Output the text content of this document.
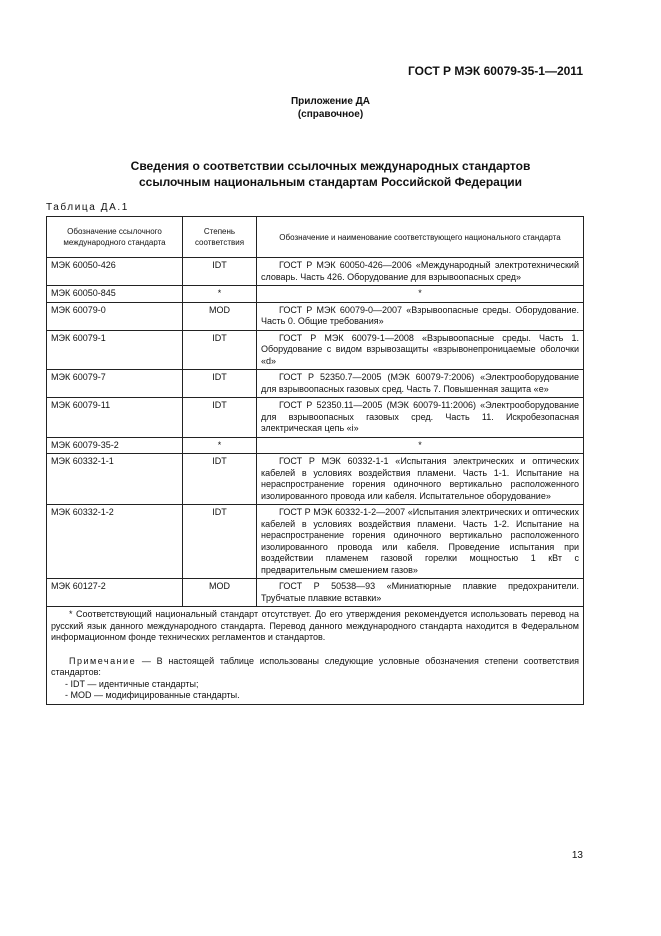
ГОСТ Р МЭК 60079-35-1—2011
Приложение ДА
(справочное)
Сведения о соответствии ссылочных международных стандартов
ссылочным национальным стандартам Российской Федерации
Таблица ДА.1
Обозначение ссылочного международного стандарта	Степень соответствия	Обозначение и наименование соответствующего национального стандарта
МЭК 60050-426	IDT	ГОСТ Р МЭК 60050-426—2006 «Международный электротехнический словарь. Часть 426. Оборудование для взрывоопасных сред»
МЭК 60050-845	*	*
МЭК 60079-0	MOD	ГОСТ Р МЭК 60079-0—2007 «Взрывоопасные среды. Оборудование. Часть 0. Общие требования»
МЭК 60079-1	IDT	ГОСТ Р МЭК 60079-1—2008 «Взрывоопасные среды. Часть 1. Оборудование с видом взрывозащиты «взрывонепроницаемые оболочки «d»
МЭК 60079-7	IDT	ГОСТ Р 52350.7—2005 (МЭК 60079-7:2006) «Электрооборудование для взрывоопасных газовых сред. Часть 7. Повышенная защита «е»
МЭК 60079-11	IDT	ГОСТ Р 52350.11—2005 (МЭК 60079-11:2006) «Электрооборудование для взрывоопасных газовых сред. Часть 11. Искробезопасная электрическая цепь «i»
МЭК 60079-35-2	*	*
МЭК 60332-1-1	IDT	ГОСТ Р МЭК 60332-1-1 «Испытания электрических и оптических кабелей в условиях воздействия пламени. Часть 1-1. Испытание на нераспространение горения одиночного вертикально расположенного изолированного провода или кабеля. Испытательное оборудование»
МЭК 60332-1-2	IDT	ГОСТ Р МЭК 60332-1-2—2007 «Испытания электрических и оптических кабелей в условиях воздействия пламени. Часть 1-2. Испытание на нераспространение горения одиночного вертикально расположенного изолированного провода или кабеля. Проведение испытания при воздействии пламенем газовой горелки мощностью 1 кВт с предварительным смешением газов»
МЭК 60127-2	MOD	ГОСТ Р 50538—93 «Миниатюрные плавкие предохранители. Трубчатые плавкие вставки»

* Соответствующий национальный стандарт отсутствует. До его утверждения рекомендуется использовать перевод на русский язык данного международного стандарта. Перевод данного международного стандарта находится в Федеральном информационном фонде технических регламентов и стандартов.

Примечание — В настоящей таблице использованы следующие условные обозначения степени соответствия стандартов:

- IDT — идентичные стандарты;
- MOD — модифицированные стандарты.		
13
